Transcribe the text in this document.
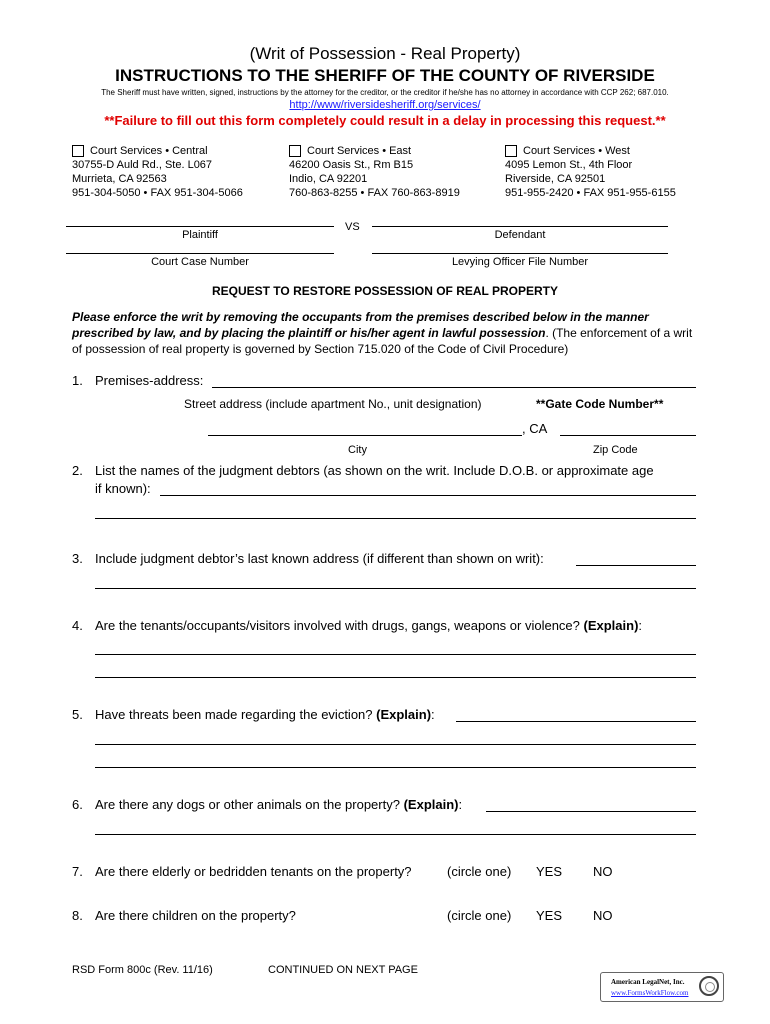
(Writ of Possession - Real Property)
INSTRUCTIONS TO THE SHERIFF OF THE COUNTY OF RIVERSIDE
The Sheriff must have written, signed, instructions by the attorney for the creditor, or the creditor if he/she has no attorney in accordance with CCP 262; 687.010.
http://www/riversidesheriff.org/services/
**Failure to fill out this form completely could result in a delay in processing this request.**
Court Services • Central
30755-D Auld Rd., Ste. L067
Murrieta, CA 92563
951-304-5050 • FAX 951-304-5066
Court Services • East
46200 Oasis St., Rm B15
Indio, CA 92201
760-863-8255 • FAX 760-863-8919
Court Services • West
4095 Lemon St., 4th Floor
Riverside, CA 92501
951-955-2420 • FAX 951-955-6155
Plaintiff
VS
Defendant
Court Case Number	Levying Officer File Number
REQUEST TO RESTORE POSSESSION OF REAL PROPERTY
Please enforce the writ by removing the occupants from the premises described below in the manner prescribed by law, and by placing the plaintiff or his/her agent in lawful possession. (The enforcement of a writ of possession of real property is governed by Section 715.020 of the Code of Civil Procedure)
1. Premises-address:
Street address (include apartment No., unit designation)	**Gate Code Number**
, CA
City	Zip Code
2. List the names of the judgment debtors (as shown on the writ. Include D.O.B. or approximate age
if known):
3. Include judgment debtor’s last known address (if different than shown on writ):
4. Are the tenants/occupants/visitors involved with drugs, gangs, weapons or violence? (Explain):
5. Have threats been made regarding the eviction? (Explain):
6. Are there any dogs or other animals on the property? (Explain):
7. Are there elderly or bedridden tenants on the property?	(circle one) YES NO
8. Are there children on the property?	(circle one) YES NO
RSD Form 800c (Rev. 11/16)	CONTINUED ON NEXT PAGE
American LegalNet, Inc.
www.FormsWorkFlow.com
